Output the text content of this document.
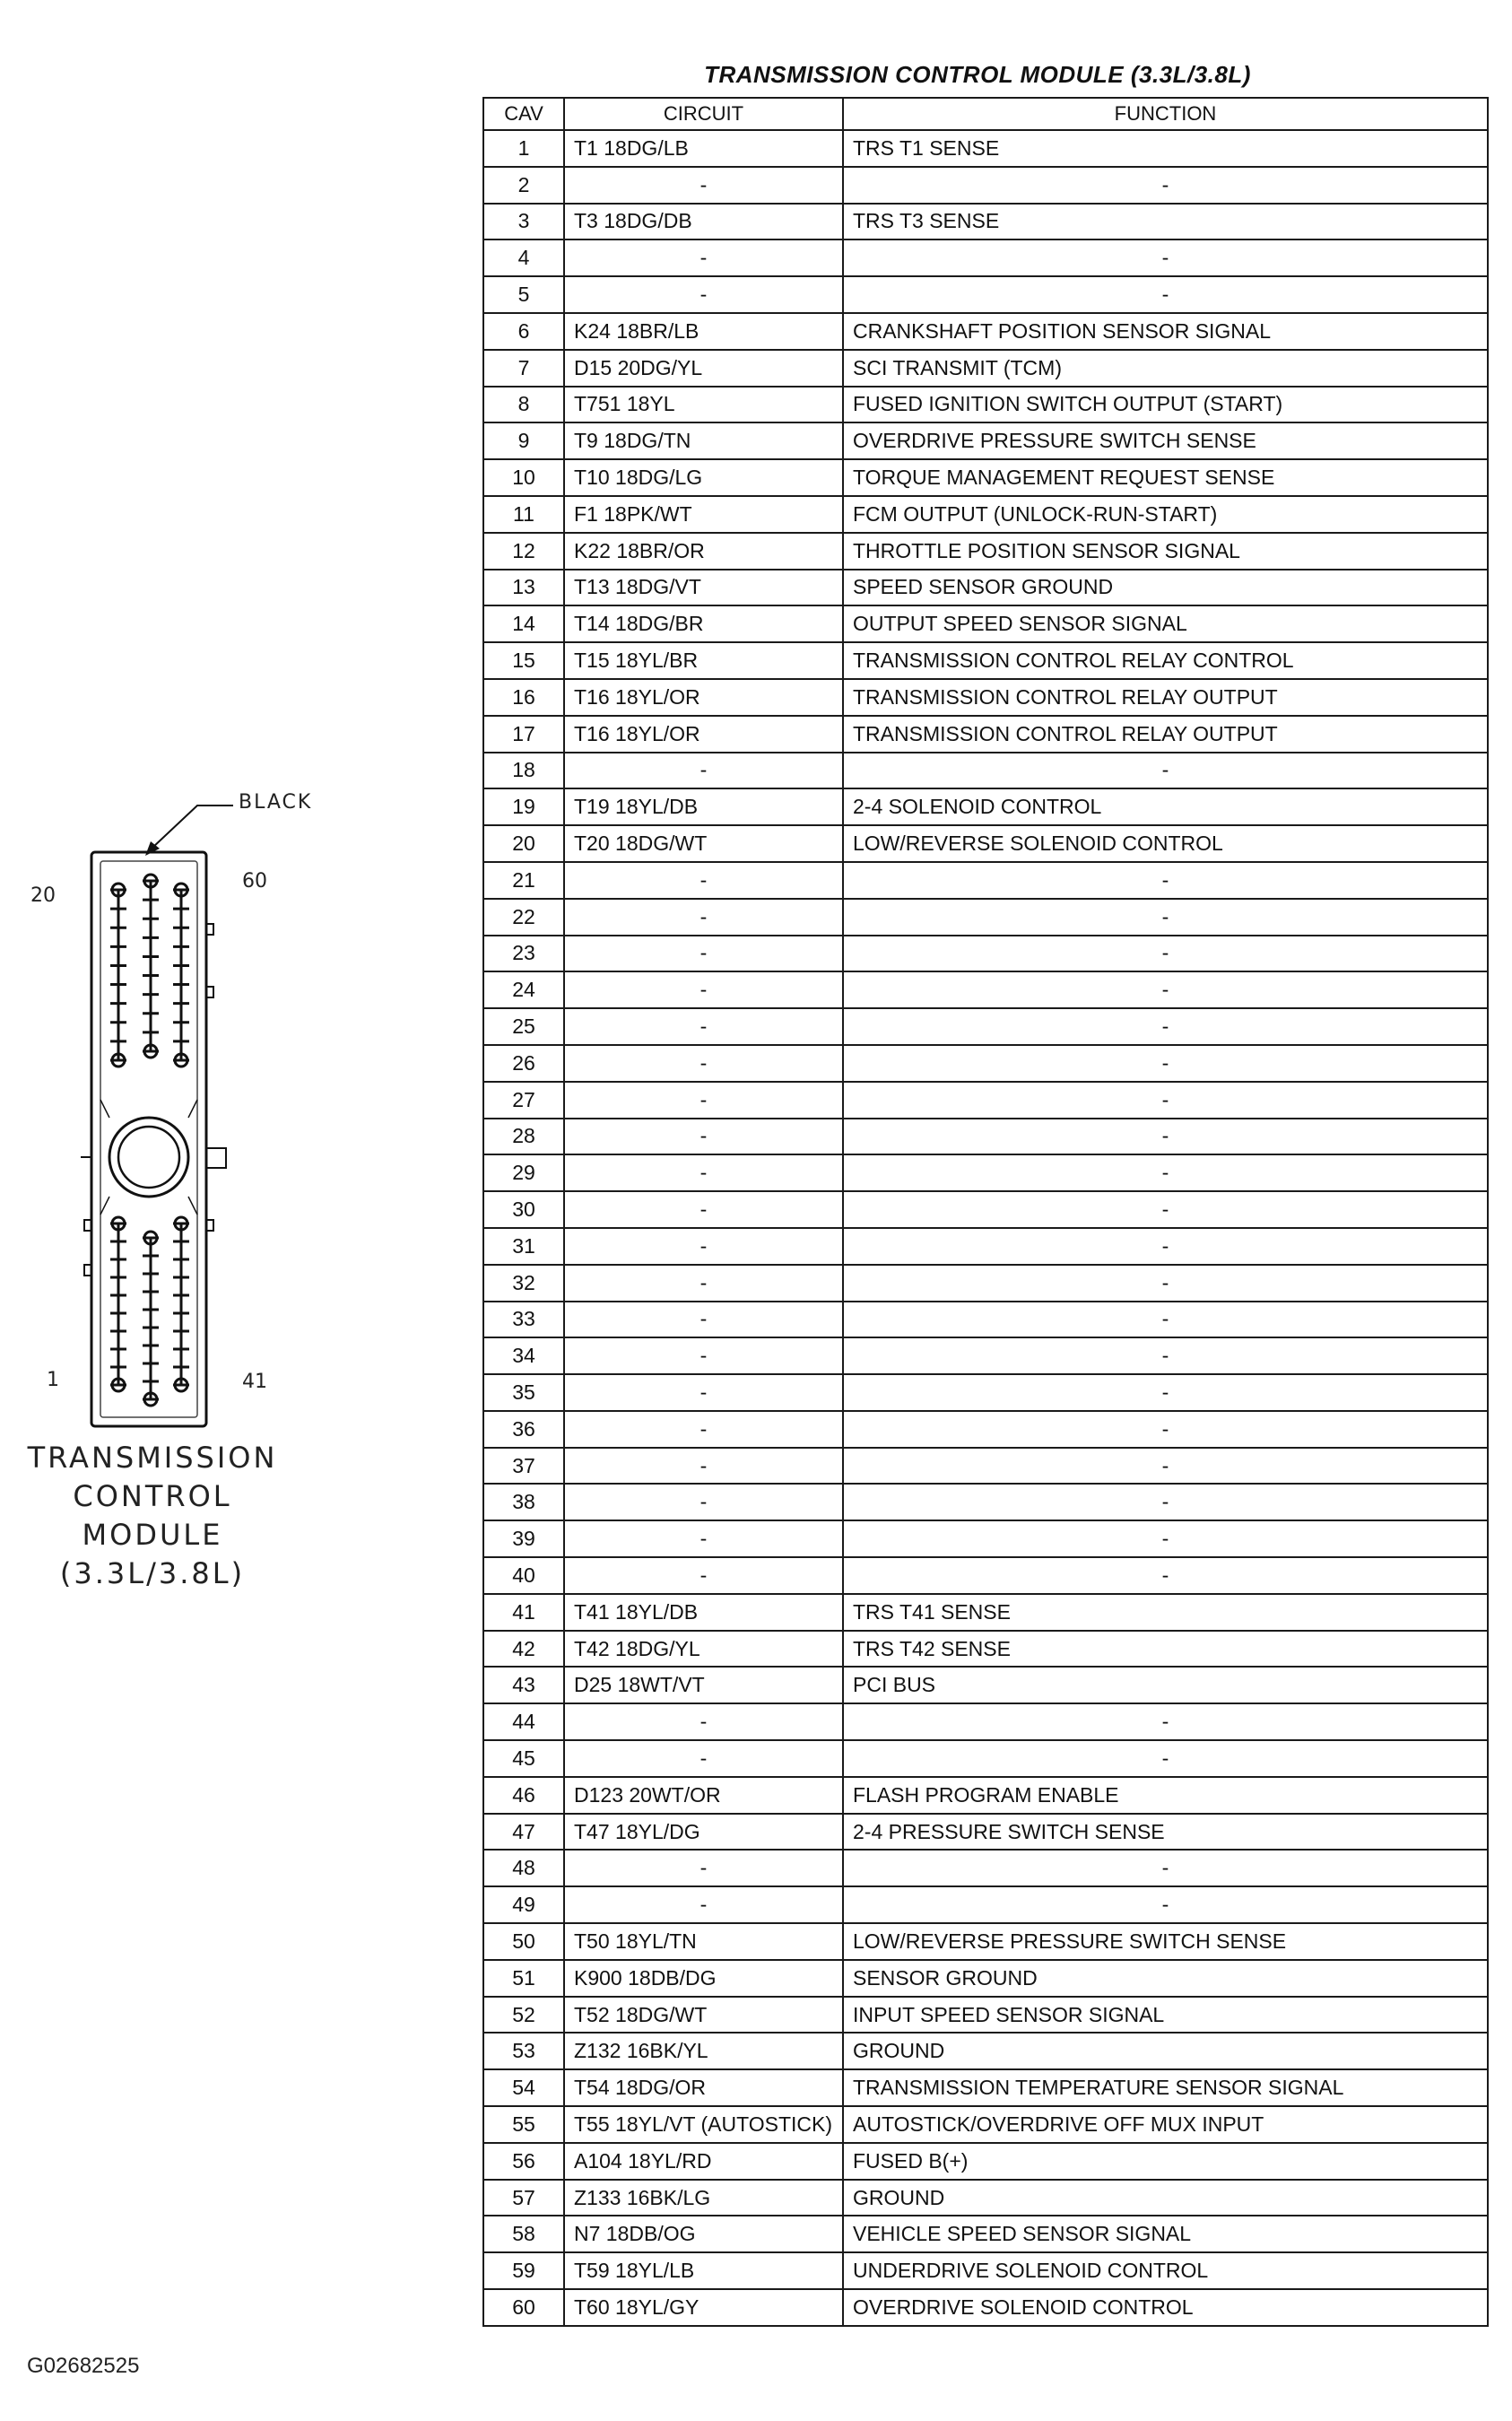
TRANSMISSION CONTROL MODULE (3.3L/3.8L)
CAV	CIRCUIT	FUNCTION
1	T1 18DG/LB	TRS T1 SENSE
2	-	-
3	T3 18DG/DB	TRS T3 SENSE
4	-	-
5	-	-
6	K24 18BR/LB	CRANKSHAFT POSITION SENSOR SIGNAL
7	D15 20DG/YL	SCI TRANSMIT (TCM)
8	T751 18YL	FUSED IGNITION SWITCH OUTPUT (START)
9	T9 18DG/TN	OVERDRIVE PRESSURE SWITCH SENSE
10	T10 18DG/LG	TORQUE MANAGEMENT REQUEST SENSE
11	F1 18PK/WT	FCM OUTPUT (UNLOCK-RUN-START)
12	K22 18BR/OR	THROTTLE POSITION SENSOR SIGNAL
13	T13 18DG/VT	SPEED SENSOR GROUND
14	T14 18DG/BR	OUTPUT SPEED SENSOR SIGNAL
15	T15 18YL/BR	TRANSMISSION CONTROL RELAY CONTROL
16	T16 18YL/OR	TRANSMISSION CONTROL RELAY OUTPUT
17	T16 18YL/OR	TRANSMISSION CONTROL RELAY OUTPUT
18	-	-
19	T19 18YL/DB	2-4 SOLENOID CONTROL
20	T20 18DG/WT	LOW/REVERSE SOLENOID CONTROL
21	-	-
22	-	-
23	-	-
24	-	-
25	-	-
26	-	-
27	-	-
28	-	-
29	-	-
30	-	-
31	-	-
32	-	-
33	-	-
34	-	-
35	-	-
36	-	-
37	-	-
38	-	-
39	-	-
40	-	-
41	T41 18YL/DB	TRS T41 SENSE
42	T42 18DG/YL	TRS T42 SENSE
43	D25 18WT/VT	PCI BUS
44	-	-
45	-	-
46	D123 20WT/OR	FLASH PROGRAM ENABLE
47	T47 18YL/DG	2-4 PRESSURE SWITCH SENSE
48	-	-
49	-	-
50	T50 18YL/TN	LOW/REVERSE PRESSURE SWITCH SENSE
51	K900 18DB/DG	SENSOR GROUND
52	T52 18DG/WT	INPUT SPEED SENSOR SIGNAL
53	Z132 16BK/YL	GROUND
54	T54 18DG/OR	TRANSMISSION TEMPERATURE SENSOR SIGNAL
55	T55 18YL/VT (AUTOSTICK)	AUTOSTICK/OVERDRIVE OFF MUX INPUT
56	A104 18YL/RD	FUSED B(+)
57	Z133 16BK/LG	GROUND
58	N7 18DB/OG	VEHICLE SPEED SENSOR SIGNAL
59	T59 18YL/LB	UNDERDRIVE SOLENOID CONTROL
60	T60 18YL/GY	OVERDRIVE SOLENOID CONTROL
BLACK
20
60
1	41
TRANSMISSION
CONTROL
MODULE
(3.3L/3.8L)
G02682525
